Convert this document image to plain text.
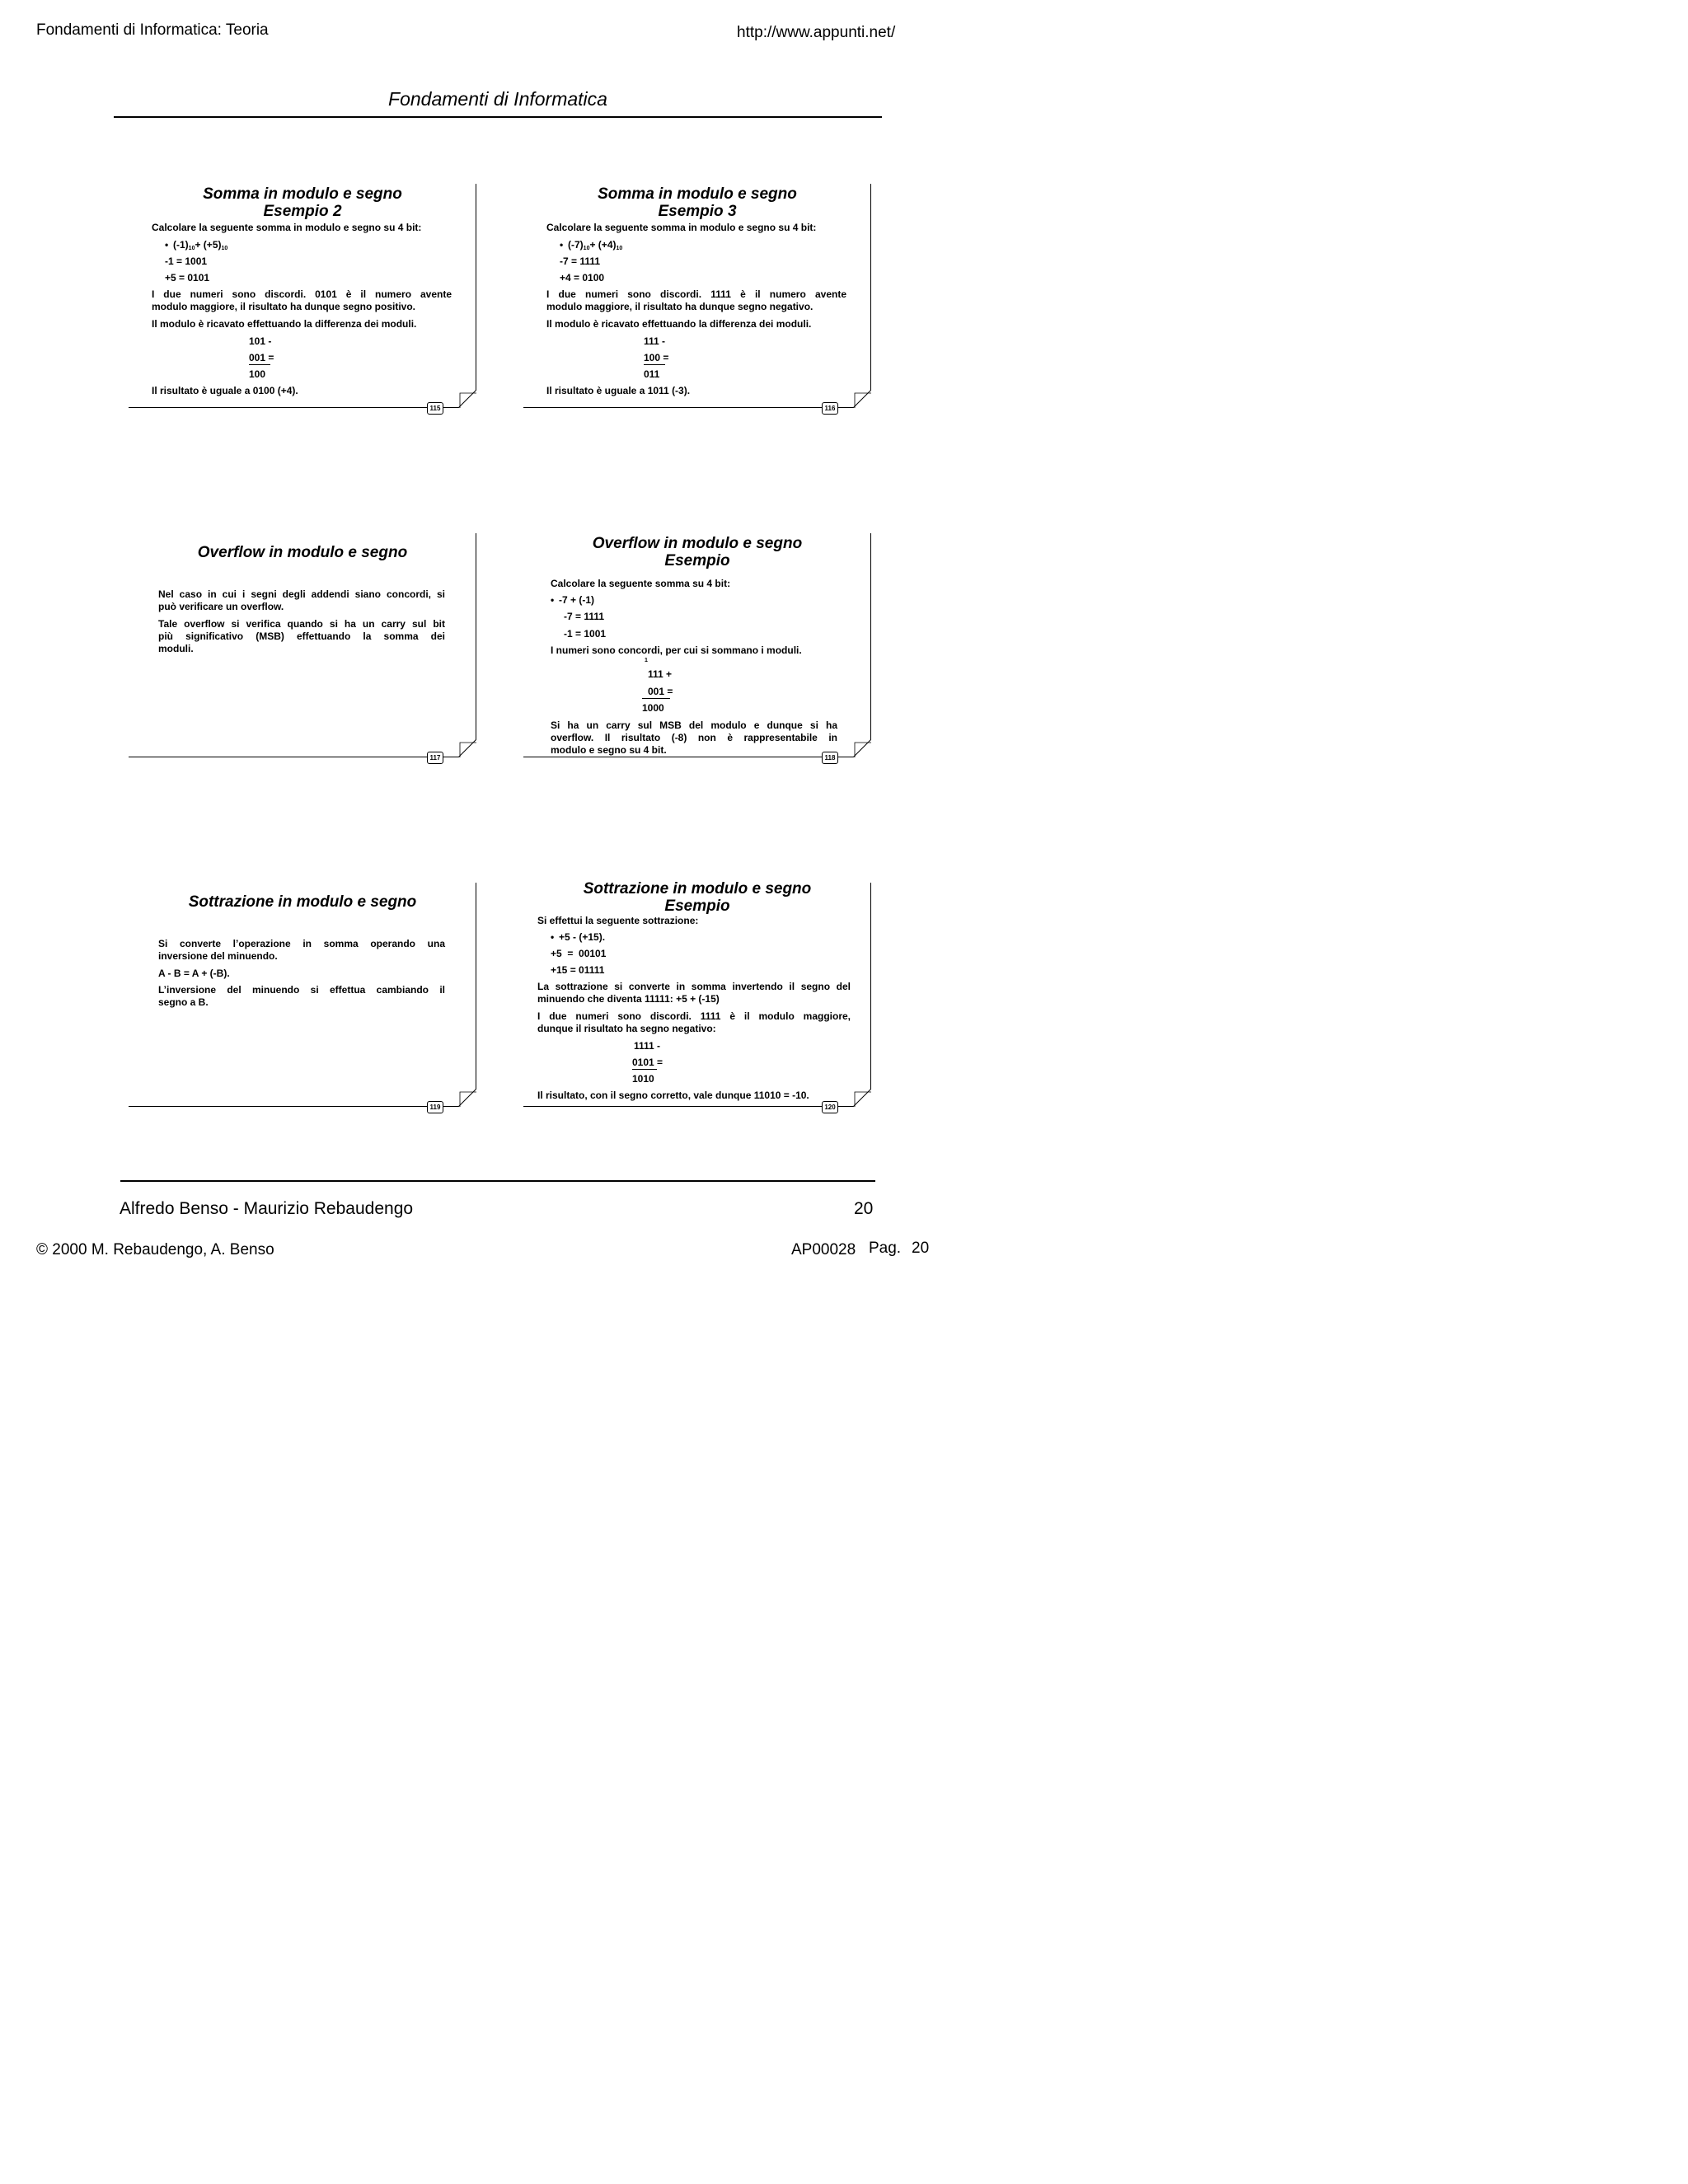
Fondamenti di Informatica: Teoria	http://www.appunti.net/
Fondamenti di Informatica
Somma in modulo e segno
Esempio 2
Calcolare la seguente somma in modulo e segno su 4 bit:
• $(-1)_{10}+ (+5)_{10}$
-1 = 1001
+5 = 0101
I due numeri sono discordi. 0101 è il numero avente
modulo maggiore, il risultato ha dunque segno positivo.
Il modulo è ricavato effettuando la differenza dei moduli.
101 -
001 =
100
Il risultato è uguale a 0100 (+4).
115
Somma in modulo e segno
Esempio 3
Calcolare la seguente somma in modulo e segno su 4 bit:
• $(-7)_{10}+ (+4)_{10}$
-7 = 1111
+4 = 0100
I due numeri sono discordi. 1111 è il numero avente
modulo maggiore, il risultato ha dunque segno negativo.
Il modulo è ricavato effettuando la differenza dei moduli.
111 -
100 =
011
Il risultato è uguale a 1011 (-3).
116
Overflow in modulo e segno
Nel caso in cui i segni degli addendi siano concordi, si
può verificare un overflow.
Tale overflow si verifica quando si ha un carry sul bit
più significativo (MSB) effettuando la somma dei
moduli.
117
Overflow in modulo e segno
Esempio
Calcolare la seguente somma su 4 bit:
• -7 + (-1)
-7 = 1111
-1 = 1001
I numeri sono concordi, per cui si sommano i moduli.
1
111 +
001 =
1000
Si ha un carry sul MSB del modulo e dunque si ha
overflow. Il risultato (-8) non è rappresentabile in
modulo e segno su 4 bit.
118
Sottrazione in modulo e segno
Si converte l’operazione in somma operando una
inversione del minuendo.
A - B = A + (-B).
L’inversione del minuendo si effettua cambiando il
segno a B.
119
Sottrazione in modulo e segno
Esempio
Si effettui la seguente sottrazione:
• +5 - (+15).
+5  =  00101
+15 = 01111
La sottrazione si converte in somma invertendo il segno del
minuendo che diventa 11111: +5 + (-15)
I due numeri sono discordi. 1111 è il modulo maggiore,
dunque il risultato ha segno negativo:
1111 -
0101 =
1010
Il risultato, con il segno corretto, vale dunque 11010 = -10.
120
Alfredo Benso - Maurizio Rebaudengo	20
© 2000 M. Rebaudengo, A. Benso	AP00028 Pag. 20
